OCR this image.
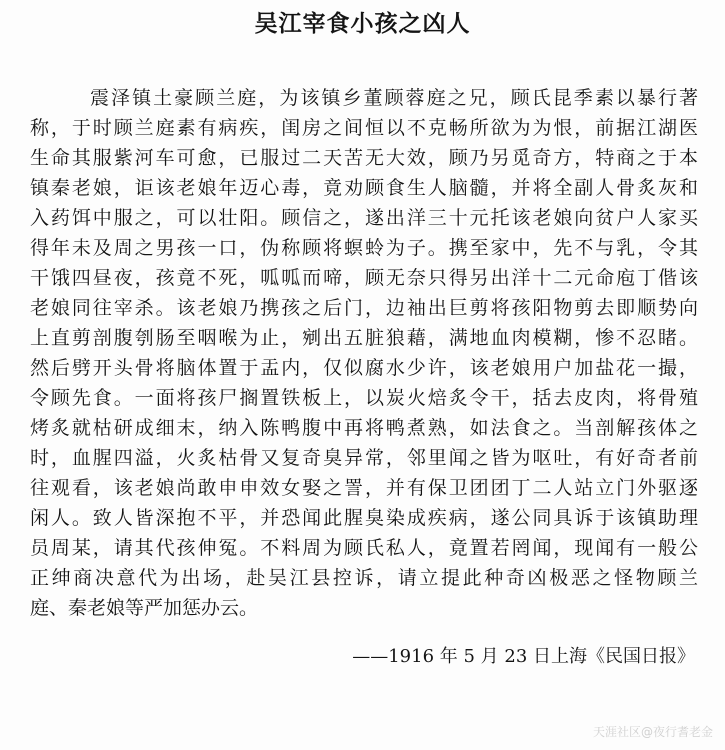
吴江宰食小孩之凶人
震泽镇土豪顾兰庭，为该镇乡董顾蓉庭之兄，顾氏昆季素以暴行著
称，于时顾兰庭素有病疾，闺房之间恒以不克畅所欲为为恨，前据江湖医
生命其服紫河车可愈，已服过二天苦无大效，顾乃另觅奇方，特商之于本
镇秦老娘，讵该老娘年迈心毒，竟劝顾食生人脑髓，并将全副人骨炙灰和
入药饵中服之，可以壮阳。顾信之，遂出洋三十元托该老娘向贫户人家买
得年未及周之男孩一口，伪称顾将螟蛉为子。携至家中，先不与乳，令其
干饿四昼夜，孩竟不死，呱呱而啼，顾无奈只得另出洋十二元命庖丁偕该
老娘同往宰杀。该老娘乃携孩之后门，边袖出巨剪将孩阳物剪去即顺势向
上直剪剖腹刳肠至咽喉为止，剜出五脏狼藉，满地血肉模糊，惨不忍睹。
然后劈开头骨将脑体置于盂内，仅似腐水少许，该老娘用户加盐花一撮，
令顾先食。一面将孩尸搁置铁板上，以炭火焙炙令干，括去皮肉，将骨殖
烤炙就枯研成细末，纳入陈鸭腹中再将鸭煮熟，如法食之。当剖解孩体之
时，血腥四溢，火炙枯骨又复奇臭异常，邻里闻之皆为呕吐，有好奇者前
往观看，该老娘尚敢申申效女娶之詈，并有保卫团团丁二人站立门外驱逐
闲人。致人皆深抱不平，并恐闻此腥臭染成疾病，遂公同具诉于该镇助理
员周某，请其代孩伸冤。不料周为顾氏私人，竟置若罔闻，现闻有一般公
正绅商决意代为出场，赴吴江县控诉，请立提此种奇凶极恶之怪物顾兰
庭、秦老娘等严加惩办云。
——1916 年 5 月 23 日上海《民国日报》
天涯社区@夜行耆老金
